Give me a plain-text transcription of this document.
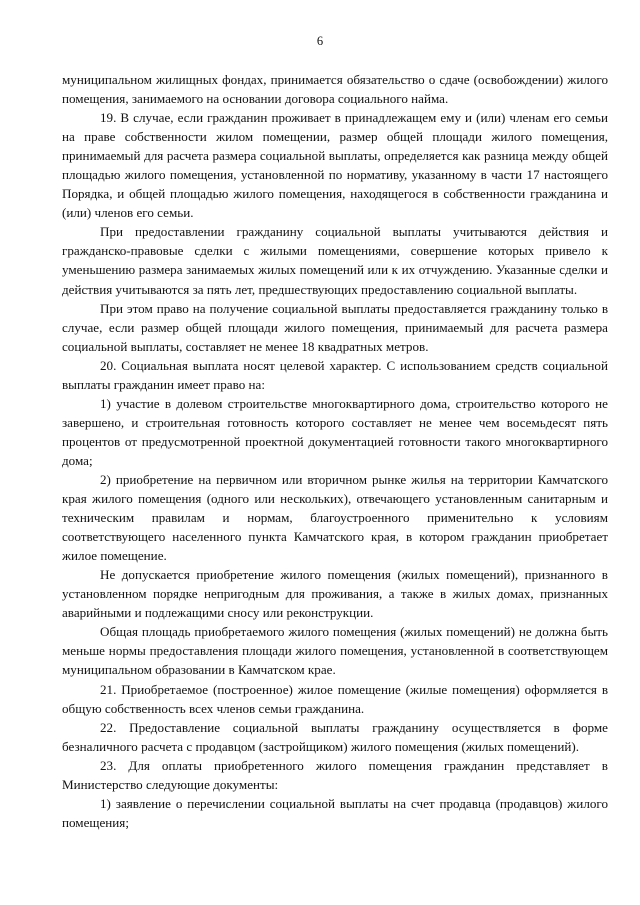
6

муниципальном жилищных фондах, принимается обязательство о сдаче (освобождении) жилого помещения, занимаемого на основании договора социального найма.

19. В случае, если гражданин проживает в принадлежащем ему и (или) членам его семьи на праве собственности жилом помещении, размер общей площади жилого помещения, принимаемый для расчета размера социальной выплаты, определяется как разница между общей площадью жилого помещения, установленной по нормативу, указанному в части 17 настоящего Порядка, и общей площадью жилого помещения, находящегося в собственности гражданина и (или) членов его семьи.

При предоставлении гражданину социальной выплаты учитываются действия и гражданско-правовые сделки с жилыми помещениями, совершение которых привело к уменьшению размера занимаемых жилых помещений или к их отчуждению. Указанные сделки и действия учитываются за пять лет, предшествующих предоставлению социальной выплаты.

При этом право на получение социальной выплаты предоставляется гражданину только в случае, если размер общей площади жилого помещения, принимаемый для расчета размера социальной выплаты, составляет не менее 18 квадратных метров.

20. Социальная выплата носят целевой характер. С использованием средств социальной выплаты гражданин имеет право на:

1) участие в долевом строительстве многоквартирного дома, строительство которого не завершено, и строительная готовность которого составляет не менее чем восемьдесят пять процентов от предусмотренной проектной документацией готовности такого многоквартирного дома;

2) приобретение на первичном или вторичном рынке жилья на территории Камчатского края жилого помещения (одного или нескольких), отвечающего установленным санитарным и техническим правилам и нормам, благоустроенного применительно к условиям соответствующего населенного пункта Камчатского края, в котором гражданин приобретает жилое помещение.

Не допускается приобретение жилого помещения (жилых помещений), признанного в установленном порядке непригодным для проживания, а также в жилых домах, признанных аварийными и подлежащими сносу или реконструкции.

Общая площадь приобретаемого жилого помещения (жилых помещений) не должна быть меньше нормы предоставления площади жилого помещения, установленной в соответствующем муниципальном образовании в Камчатском крае.

21. Приобретаемое (построенное) жилое помещение (жилые помещения) оформляется в общую собственность всех членов семьи гражданина.

22. Предоставление социальной выплаты гражданину осуществляется в форме безналичного расчета с продавцом (застройщиком) жилого помещения (жилых помещений).

23. Для оплаты приобретенного жилого помещения гражданин представляет в Министерство следующие документы:

1) заявление о перечислении социальной выплаты на счет продавца (продавцов) жилого помещения;
